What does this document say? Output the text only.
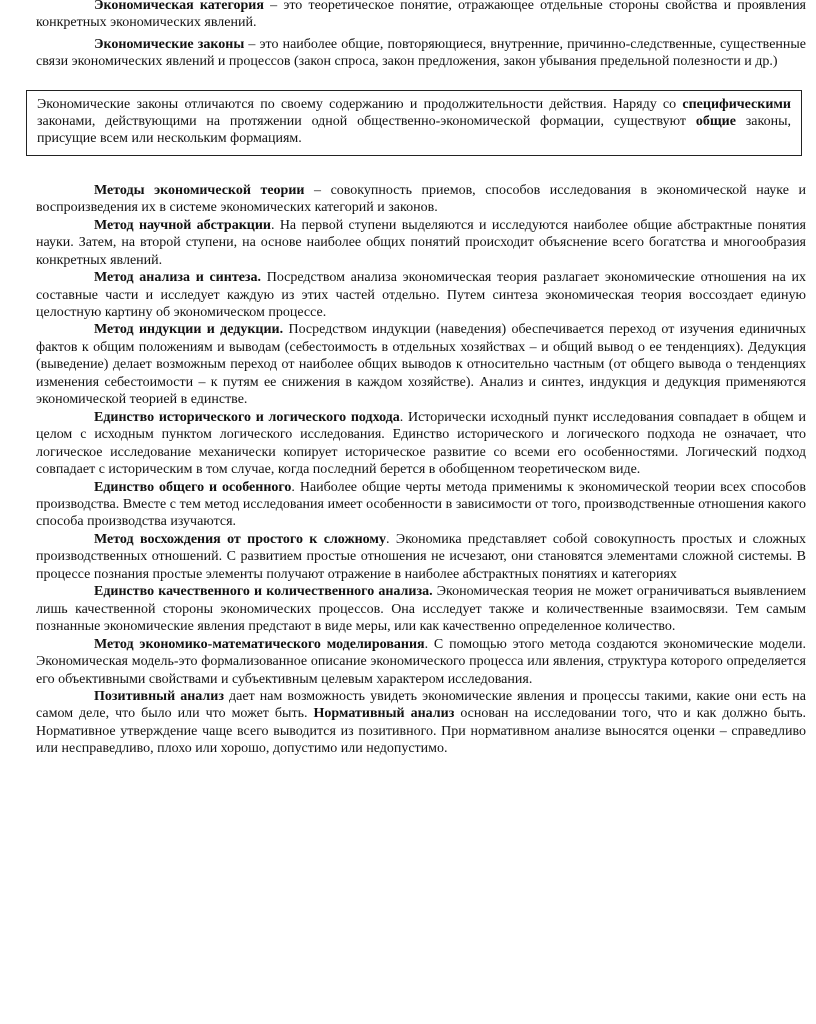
Экономическая категория – это теоретическое понятие, отражающее отдельные стороны свойства и проявления конкретных экономических явлений.

Экономические законы – это наиболее общие, повторяющиеся, внутренние, причинно-следственные, существенные связи экономических явлений и процессов (закон спроса, закон предложения, закон убывания предельной полезности и др.)

Экономические законы отличаются по своему содержанию и продолжительности действия. Наряду со специфическими законами, действующими на протяжении одной общественно-экономической формации, существуют общие законы, присущие всем или нескольким формациям.

Методы экономической теории – совокупность приемов, способов исследования в экономической науке и воспроизведения их в системе экономических категорий и законов.

Метод научной абстракции. На первой ступени выделяются и исследуются наиболее общие абстрактные понятия науки. Затем, на второй ступени, на основе наиболее общих понятий происходит объяснение всего богатства и многообразия конкретных явлений.

Метод анализа и синтеза. Посредством анализа экономическая теория разлагает экономические отношения на их составные части и исследует каждую из этих частей отдельно. Путем синтеза экономическая теория воссоздает единую целостную картину об экономическом процессе.

Метод индукции и дедукции. Посредством индукции (наведения) обеспечивается переход от изучения единичных фактов к общим положениям и выводам (себестоимость в отдельных хозяйствах – и общий вывод о ее тенденциях). Дедукция (выведение) делает возможным переход от наиболее общих выводов к относительно частным (от общего вывода о тенденциях изменения себестоимости – к путям ее снижения в каждом хозяйстве). Анализ и синтез, индукция и дедукция применяются экономической теорией в единстве.

Единство исторического и логического подхода. Исторически исходный пункт исследования совпадает в общем и целом с исходным пунктом логического исследования. Единство исторического и логического подхода не означает, что логическое исследование механически копирует историческое развитие со всеми его особенностями. Логический подход совпадает с историческим в том случае, когда последний берется в обобщенном теоретическом виде.

Единство общего и особенного. Наиболее общие черты метода применимы к экономической теории всех способов производства. Вместе с тем метод исследования имеет особенности в зависимости от того, производственные отношения какого способа производства изучаются.

Метод восхождения от простого к сложному. Экономика представляет собой совокупность простых и сложных производственных отношений. С развитием простые отношения не исчезают, они становятся элементами сложной системы. В процессе познания простые элементы получают отражение в наиболее абстрактных понятиях и категориях

Единство качественного и количественного анализа. Экономическая теория не может ограничиваться выявлением лишь качественной стороны экономических процессов. Она исследует также и количественные взаимосвязи. Тем самым познанные экономические явления предстают в виде меры, или как качественно определенное количество.

Метод экономико-математического моделирования. С помощью этого метода создаются экономические модели. Экономическая модель-это формализованное описание экономического процесса или явления, структура которого определяется его объективными свойствами и субъективным целевым характером исследования.

Позитивный анализ дает нам возможность увидеть экономические явления и процессы такими, какие они есть на самом деле, что было или что может быть. Нормативный анализ основан на исследовании того, что и как должно быть. Нормативное утверждение чаще всего выводится из позитивного. При нормативном анализе выносятся оценки – справедливо или несправедливо, плохо или хорошо, допустимо или недопустимо.
